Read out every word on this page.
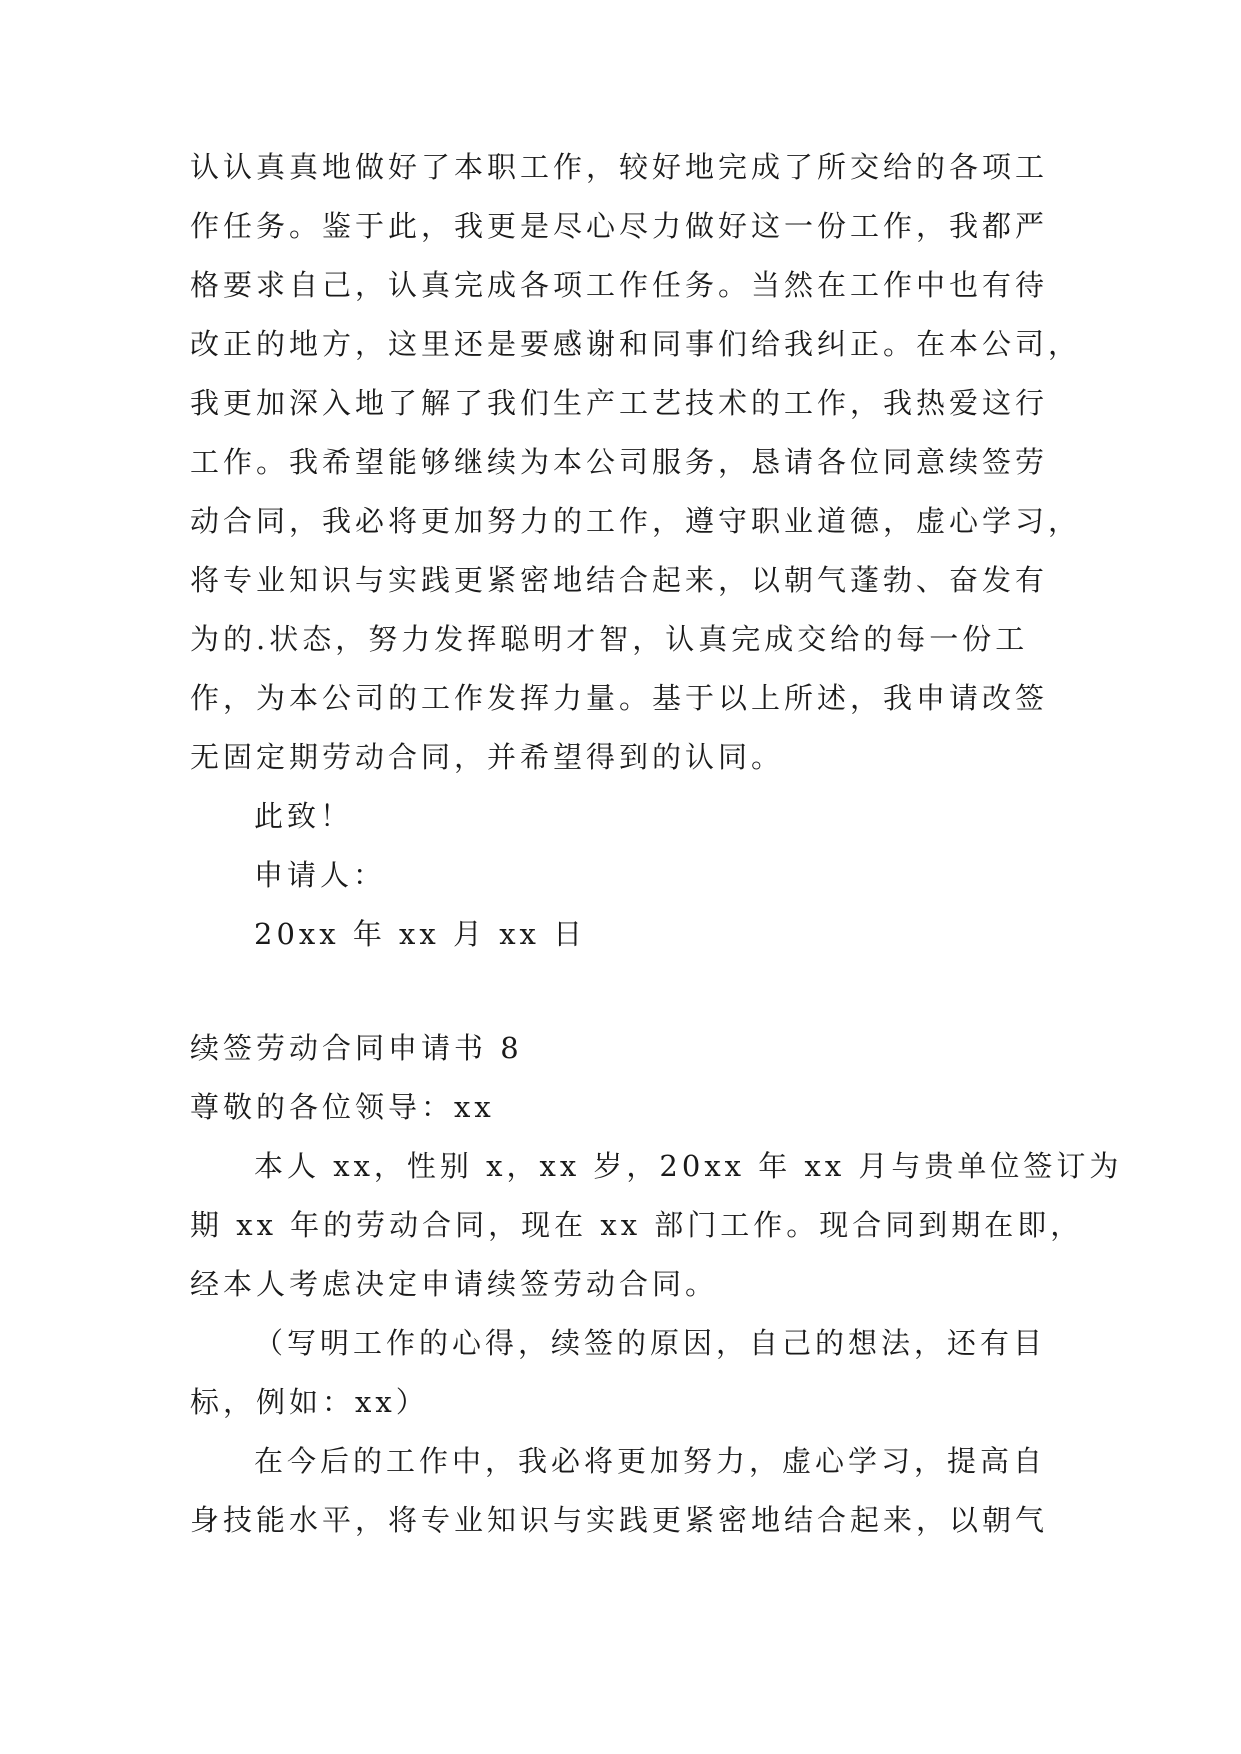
认认真真地做好了本职工作，较好地完成了所交给的各项工
作任务。鉴于此，我更是尽心尽力做好这一份工作，我都严
格要求自己，认真完成各项工作任务。当然在工作中也有待
改正的地方，这里还是要感谢和同事们给我纠正。在本公司，
我更加深入地了解了我们生产工艺技术的工作，我热爱这行
工作。我希望能够继续为本公司服务，恳请各位同意续签劳
动合同，我必将更加努力的工作，遵守职业道德，虚心学习，
将专业知识与实践更紧密地结合起来，以朝气蓬勃、奋发有
为的.状态，努力发挥聪明才智，认真完成交给的每一份工
作，为本公司的工作发挥力量。基于以上所述，我申请改签
无固定期劳动合同，并希望得到的认同。
此致！
申请人：
20xx 年 xx 月 xx 日
续签劳动合同申请书 8
尊敬的各位领导：xx
本人 xx，性别 x，xx 岁，20xx 年 xx 月与贵单位签订为
期 xx 年的劳动合同，现在 xx 部门工作。现合同到期在即，
经本人考虑决定申请续签劳动合同。
（写明工作的心得，续签的原因，自己的想法，还有目
标，例如：xx）
在今后的工作中，我必将更加努力，虚心学习，提高自
身技能水平，将专业知识与实践更紧密地结合起来，以朝气
